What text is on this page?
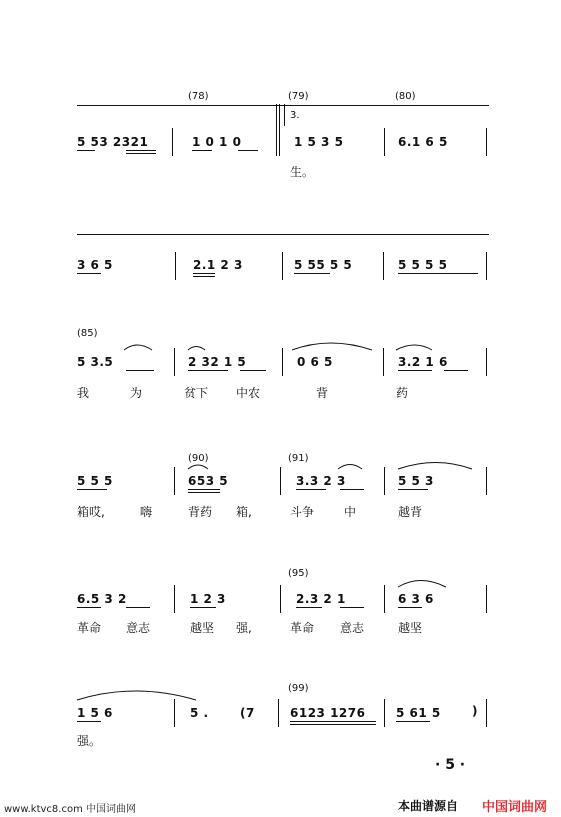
(78)	(79)	(80)
3.
5 53 2321	1 0 1 0	1 5 3 5	6.1 6 5
生。
3 6 5	2.1 2 3	5 55 5 5	5 5 5 5
(85)
5 3.5	2 32 1 5	0 6 5	3.2 1 6
我	为	贫下 中农	背	药
(90)	(91)
5 5 5	653 5	3.3 2 3	5 5 3
箱哎,	嗨	背药 箱,	斗争 中	越背
(95)
6.5 3 2	1 2 3	2.3 2 1	6 3 6
革命 意志	越坚 强,	革命 意志	越坚
(99)
1 5 6	5 .	(7	6123 1276	5 61 5	)
强。
· 5 ·
www.ktvc8.com 中国词曲网	本曲谱源自 中国词曲网
